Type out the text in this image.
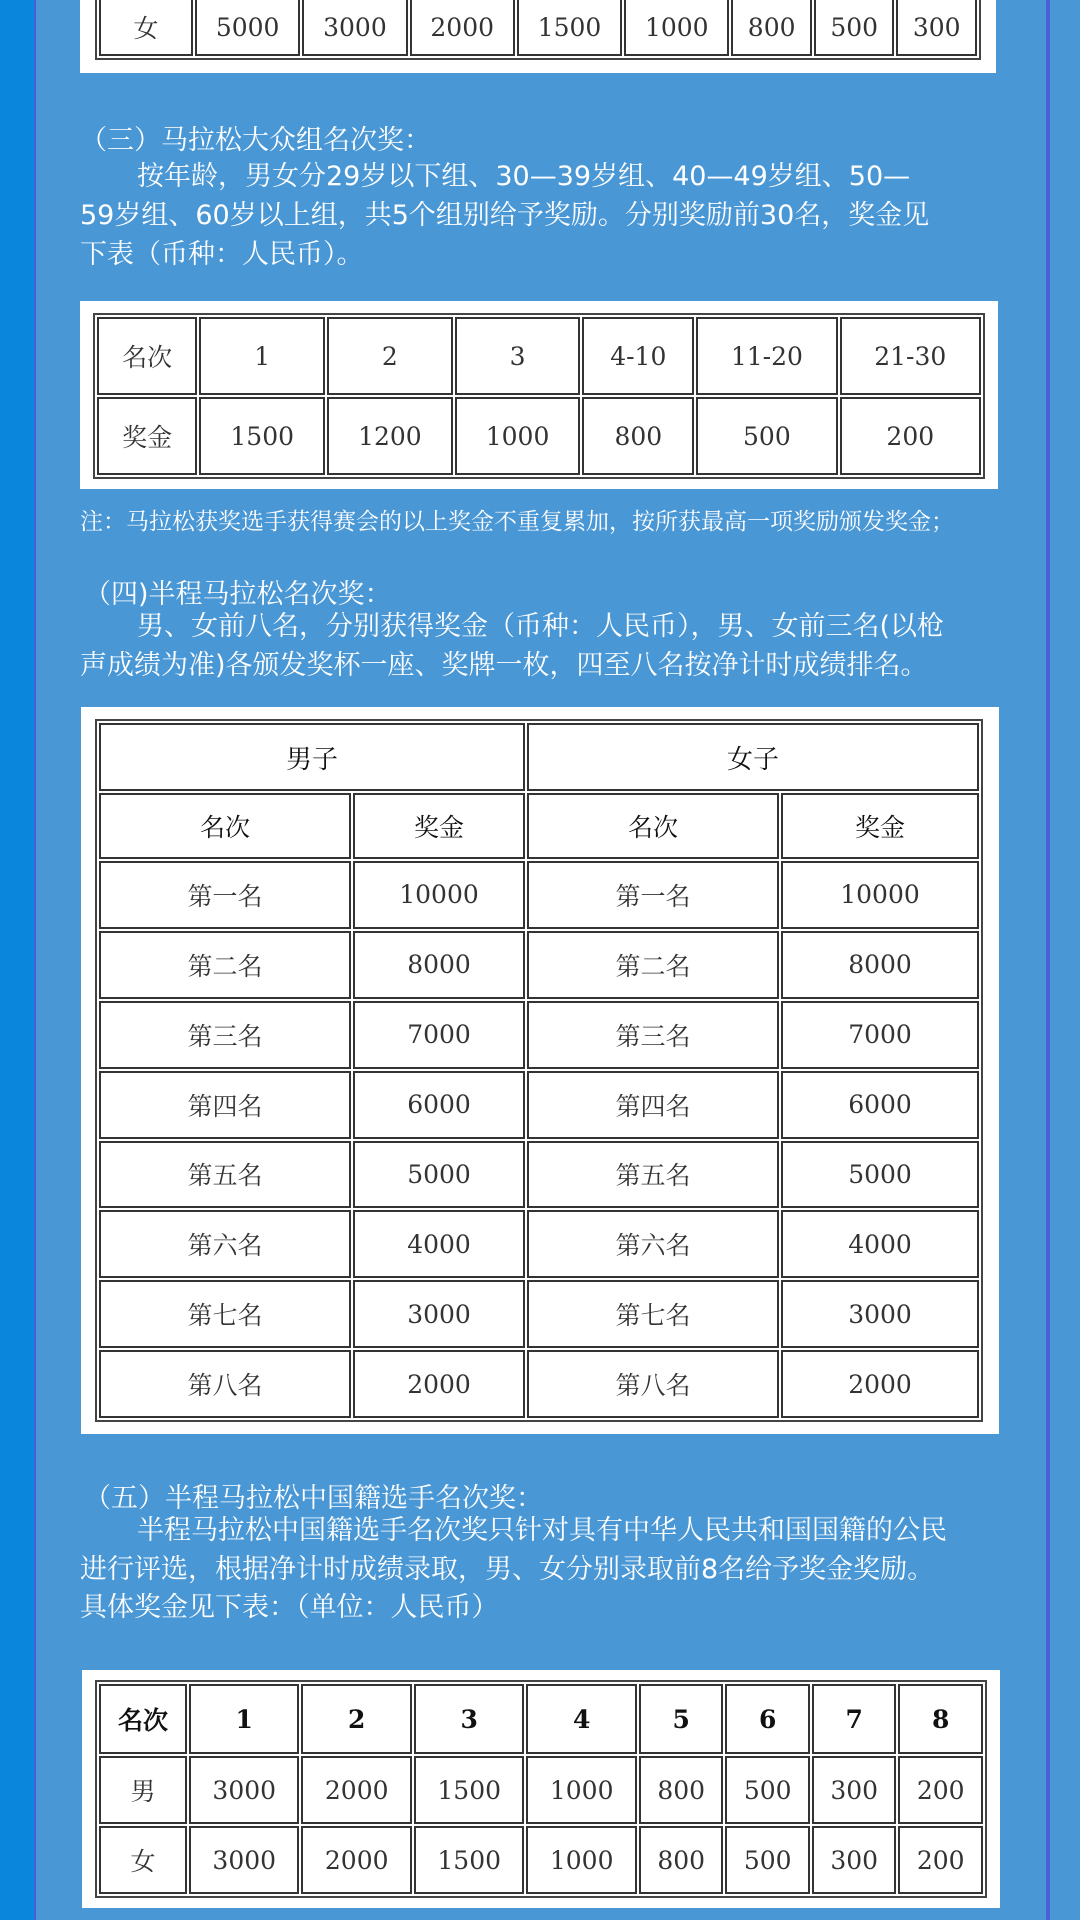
女	5000	3000	2000	1500	1000	800	500	300
（三）马拉松大众组名次奖：
按年龄，男女分29岁以下组、30—39岁组、40—49岁组、50—
59岁组、60岁以上组，共5个组别给予奖励。分别奖励前30名，奖金见
下表（币种：人民币）。
名次	1	2	3	4-10	11-20	21-30
奖金	1500	1200	1000	800	500	200
注：马拉松获奖选手获得赛会的以上奖金不重复累加，按所获最高一项奖励颁发奖金；
（四)半程马拉松名次奖：
男、女前八名，分别获得奖金（币种：人民币），男、女前三名(以枪
声成绩为准)各颁发奖杯一座、奖牌一枚，四至八名按净计时成绩排名。
男子		女子	
名次	奖金	名次	奖金
第一名	10000	第一名	10000
第二名	8000	第二名	8000
第三名	7000	第三名	7000
第四名	6000	第四名	6000
第五名	5000	第五名	5000
第六名	4000	第六名	4000
第七名	3000	第七名	3000
第八名	2000	第八名	2000
（五）半程马拉松中国籍选手名次奖：
半程马拉松中国籍选手名次奖只针对具有中华人民共和国国籍的公民
进行评选，根据净计时成绩录取，男、女分别录取前8名给予奖金奖励。
具体奖金见下表：（单位：人民币）
名次	1	2	3	4	5	6	7	8
男	3000	2000	1500	1000	800	500	300	200
女	3000	2000	1500	1000	800	500	300	200
